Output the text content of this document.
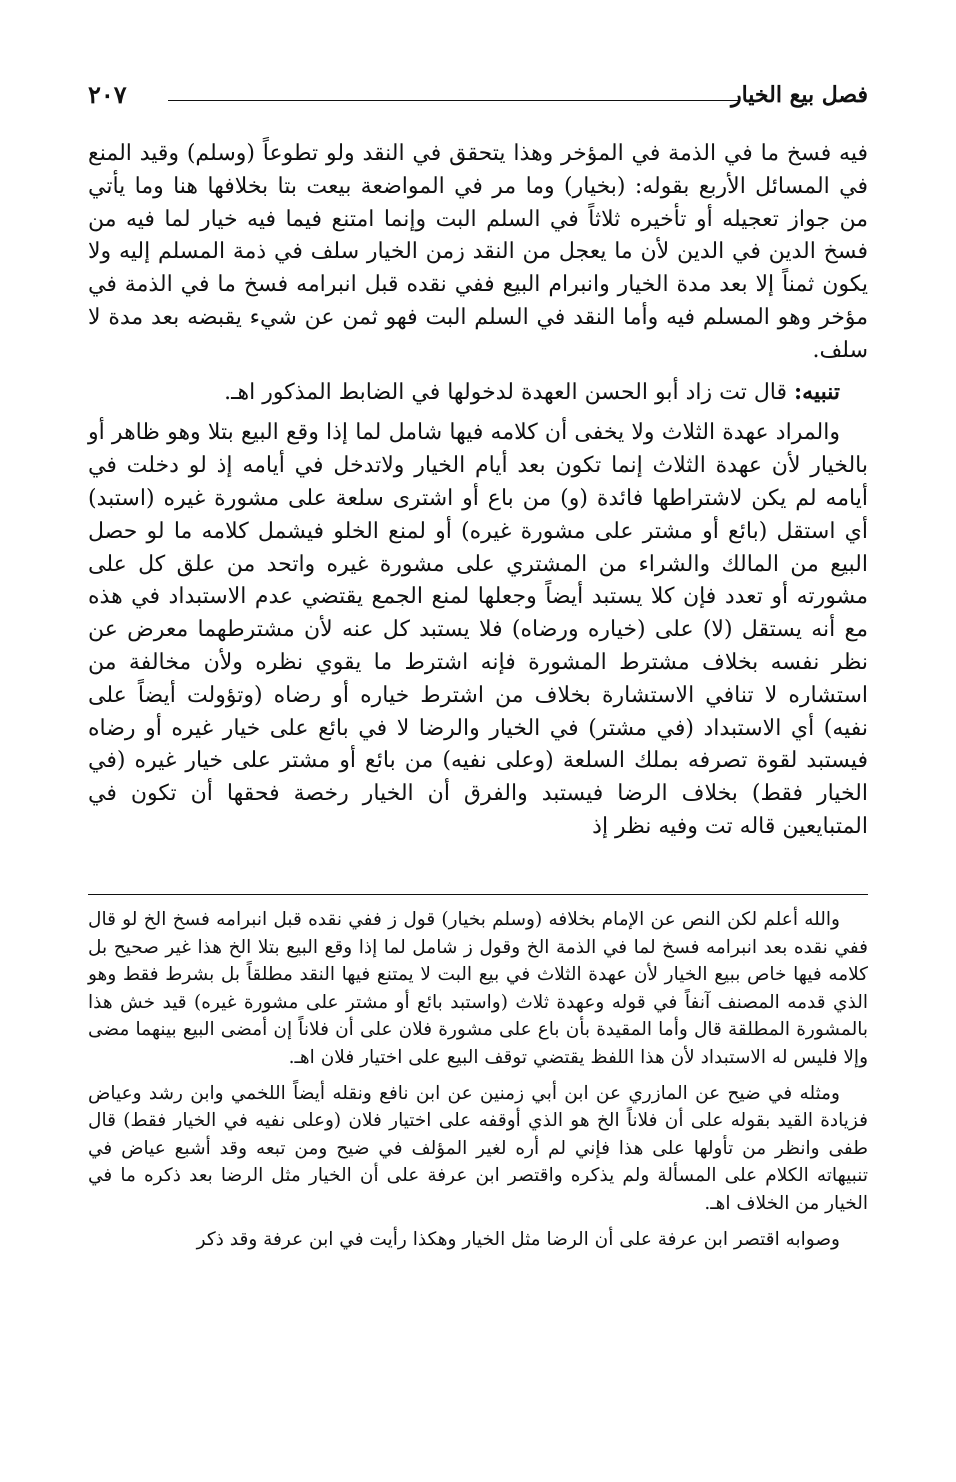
فصل بيع الخيار
٢٠٧

فيه فسخ ما في الذمة في المؤخر وهذا يتحقق في النقد ولو تطوعاً (وسلم) وقيد المنع في المسائل الأربع بقوله: (بخيار) وما مر في المواضعة بيعت بتا بخلافها هنا وما يأتي من جواز تعجيله أو تأخيره ثلاثاً في السلم البت وإنما امتنع فيما فيه خيار لما فيه من فسخ الدين في الدين لأن ما يعجل من النقد زمن الخيار سلف في ذمة المسلم إليه ولا يكون ثمناً إلا بعد مدة الخيار وانبرام البيع ففي نقده قبل انبرامه فسخ ما في الذمة في مؤخر وهو المسلم فيه وأما النقد في السلم البت فهو ثمن عن شيء يقبضه بعد مدة لا سلف.

تنبيه: قال تت زاد أبو الحسن العهدة لدخولها في الضابط المذكور اهـ.

والمراد عهدة الثلاث ولا يخفى أن كلامه فيها شامل لما إذا وقع البيع بتلا وهو ظاهر أو بالخيار لأن عهدة الثلاث إنما تكون بعد أيام الخيار ولاتدخل في أيامه إذ لو دخلت في أيامه لم يكن لاشتراطها فائدة (و) من باع أو اشترى سلعة على مشورة غيره (استبد) أي استقل (بائع أو مشتر على مشورة غيره) أو لمنع الخلو فيشمل كلامه ما لو حصل البيع من المالك والشراء من المشتري على مشورة غيره واتحد من علق كل على مشورته أو تعدد فإن كلا يستبد أيضاً وجعلها لمنع الجمع يقتضي عدم الاستبداد في هذه مع أنه يستقل (لا) على (خياره ورضاه) فلا يستبد كل عنه لأن مشترطهما معرض عن نظر نفسه بخلاف مشترط المشورة فإنه اشترط ما يقوي نظره ولأن مخالفة من استشاره لا تنافي الاستشارة بخلاف من اشترط خياره أو رضاه (وتؤولت أيضاً على نفيه) أي الاستبداد (في مشتر) في الخيار والرضا لا في بائع على خيار غيره أو رضاه فيستبد لقوة تصرفه بملك السلعة (وعلى نفيه) من بائع أو مشتر على خيار غيره (في الخيار فقط) بخلاف الرضا فيستبد والفرق أن الخيار رخصة فحقها أن تكون في المتبايعين قاله تت وفيه نظر إذ

والله أعلم لكن النص عن الإمام بخلافه (وسلم بخيار) قول ز ففي نقده قبل انبرامه فسخ الخ لو قال ففي نقده بعد انبرامه فسخ لما في الذمة الخ وقول ز شامل لما إذا وقع البيع بتلا الخ هذا غير صحيح بل كلامه فيها خاص ببيع الخيار لأن عهدة الثلاث في بيع البت لا يمتنع فيها النقد مطلقاً بل بشرط فقط وهو الذي قدمه المصنف آنفاً في قوله وعهدة ثلاث (واستبد بائع أو مشتر على مشورة غيره) قيد خش هذا بالمشورة المطلقة قال وأما المقيدة بأن باع على مشورة فلان على أن فلاناً إن أمضى البيع بينهما مضى وإلا فليس له الاستبداد لأن هذا اللفظ يقتضي توقف البيع على اختيار فلان اهـ.

ومثله في ضيح عن المازري عن ابن أبي زمنين عن ابن نافع ونقله أيضاً اللخمي وابن رشد وعياض فزيادة القيد بقوله على أن فلاناً الخ هو الذي أوقفه على اختيار فلان (وعلى نفيه في الخيار فقط) قال طفى وانظر من تأولها على هذا فإني لم أره لغير المؤلف في ضيح ومن تبعه وقد أشبع عياض في تنبيهاته الكلام على المسألة ولم يذكره واقتصر ابن عرفة على أن الخيار مثل الرضا بعد ذكره ما في الخيار من الخلاف اهـ.

وصوابه اقتصر ابن عرفة على أن الرضا مثل الخيار وهكذا رأيت في ابن عرفة وقد ذكر
